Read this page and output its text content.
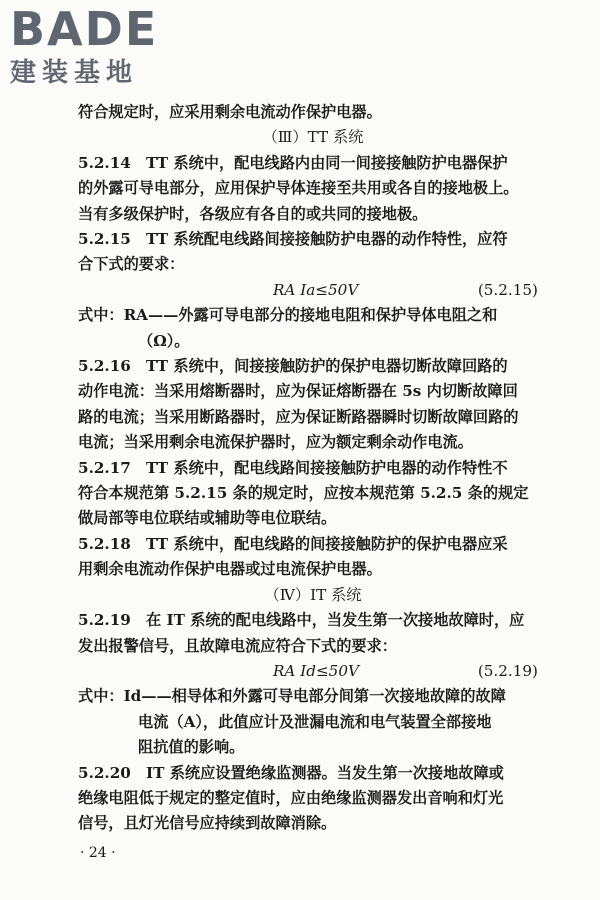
BADE
建装基地
符合规定时，应采用剩余电流动作保护电器。
（Ⅲ）TT 系统
5.2.14　TT 系统中，配电线路内由同一间接接触防护电器保护
的外露可导电部分，应用保护导体连接至共用或各自的接地极上。
当有多级保护时，各级应有各自的或共同的接地极。
5.2.15　TT 系统配电线路间接接触防护电器的动作特性，应符
合下式的要求：
RA Ia≤50V	(5.2.15)
式中：RA——外露可导电部分的接地电阻和保护导体电阻之和
（Ω）。
5.2.16　TT 系统中，间接接触防护的保护电器切断故障回路的
动作电流：当采用熔断器时，应为保证熔断器在 5s 内切断故障回
路的电流；当采用断路器时，应为保证断路器瞬时切断故障回路的
电流；当采用剩余电流保护器时，应为额定剩余动作电流。
5.2.17　TT 系统中，配电线路间接接触防护电器的动作特性不
符合本规范第 5.2.15 条的规定时，应按本规范第 5.2.5 条的规定
做局部等电位联结或辅助等电位联结。
5.2.18　TT 系统中，配电线路的间接接触防护的保护电器应采
用剩余电流动作保护电器或过电流保护电器。
（Ⅳ）IT 系统
5.2.19　在 IT 系统的配电线路中，当发生第一次接地故障时，应
发出报警信号，且故障电流应符合下式的要求：
RA Id≤50V	(5.2.19)
式中：Id——相导体和外露可导电部分间第一次接地故障的故障
电流（A），此值应计及泄漏电流和电气装置全部接地
阻抗值的影响。
5.2.20　IT 系统应设置绝缘监测器。当发生第一次接地故障或
绝缘电阻低于规定的整定值时，应由绝缘监测器发出音响和灯光
信号，且灯光信号应持续到故障消除。
· 24 ·
